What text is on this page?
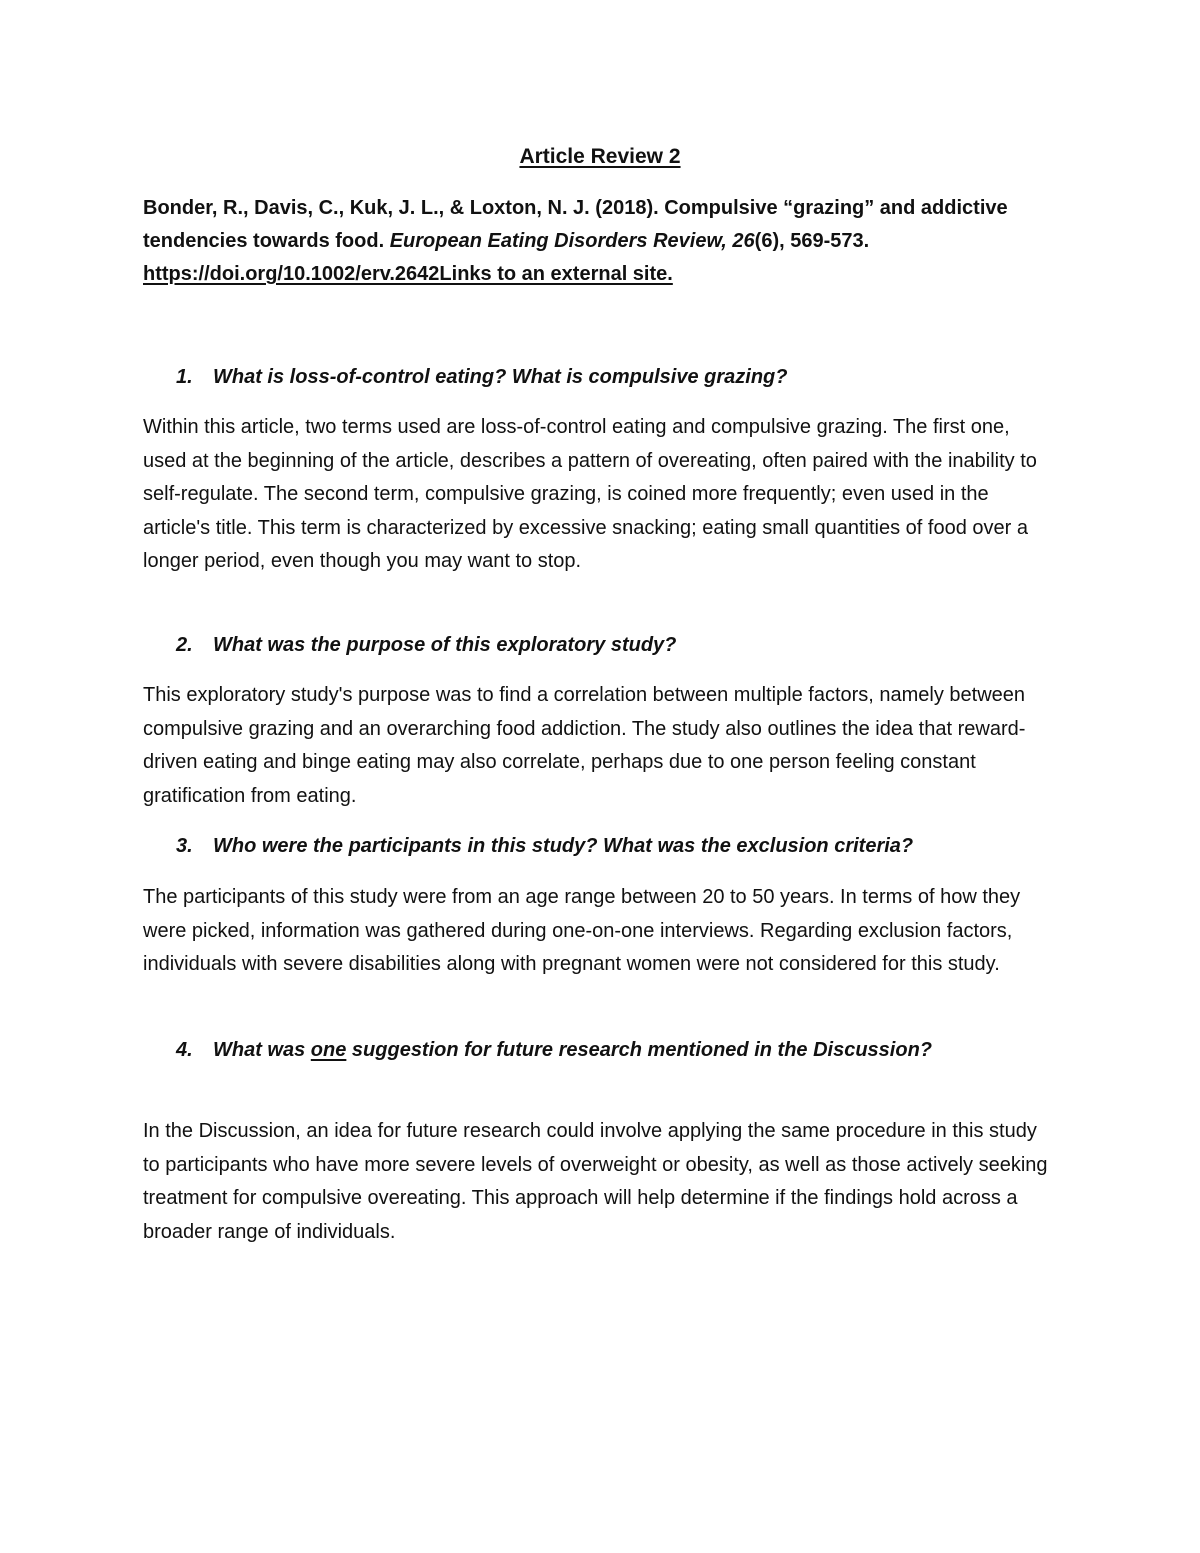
Article Review 2
Bonder, R., Davis, C., Kuk, J. L., & Loxton, N. J. (2018). Compulsive “grazing” and addictive tendencies towards food. European Eating Disorders Review, 26(6), 569-573.
https://doi.org/10.1002/erv.2642Links to an external site.

1. What is loss-of-control eating? What is compulsive grazing?

Within this article, two terms used are loss-of-control eating and compulsive grazing. The first one, used at the beginning of the article, describes a pattern of overeating, often paired with the inability to self-regulate. The second term, compulsive grazing, is coined more frequently; even used in the article's title. This term is characterized by excessive snacking; eating small quantities of food over a longer period, even though you may want to stop.

2. What was the purpose of this exploratory study?

This exploratory study's purpose was to find a correlation between multiple factors, namely between compulsive grazing and an overarching food addiction. The study also outlines the idea that reward-driven eating and binge eating may also correlate, perhaps due to one person feeling constant gratification from eating.

3. Who were the participants in this study? What was the exclusion criteria?

The participants of this study were from an age range between 20 to 50 years. In terms of how they were picked, information was gathered during one-on-one interviews. Regarding exclusion factors, individuals with severe disabilities along with pregnant women were not considered for this study.

4. What was one suggestion for future research mentioned in the Discussion?

In the Discussion, an idea for future research could involve applying the same procedure in this study to participants who have more severe levels of overweight or obesity, as well as those actively seeking treatment for compulsive overeating. This approach will help determine if the findings hold across a broader range of individuals.
